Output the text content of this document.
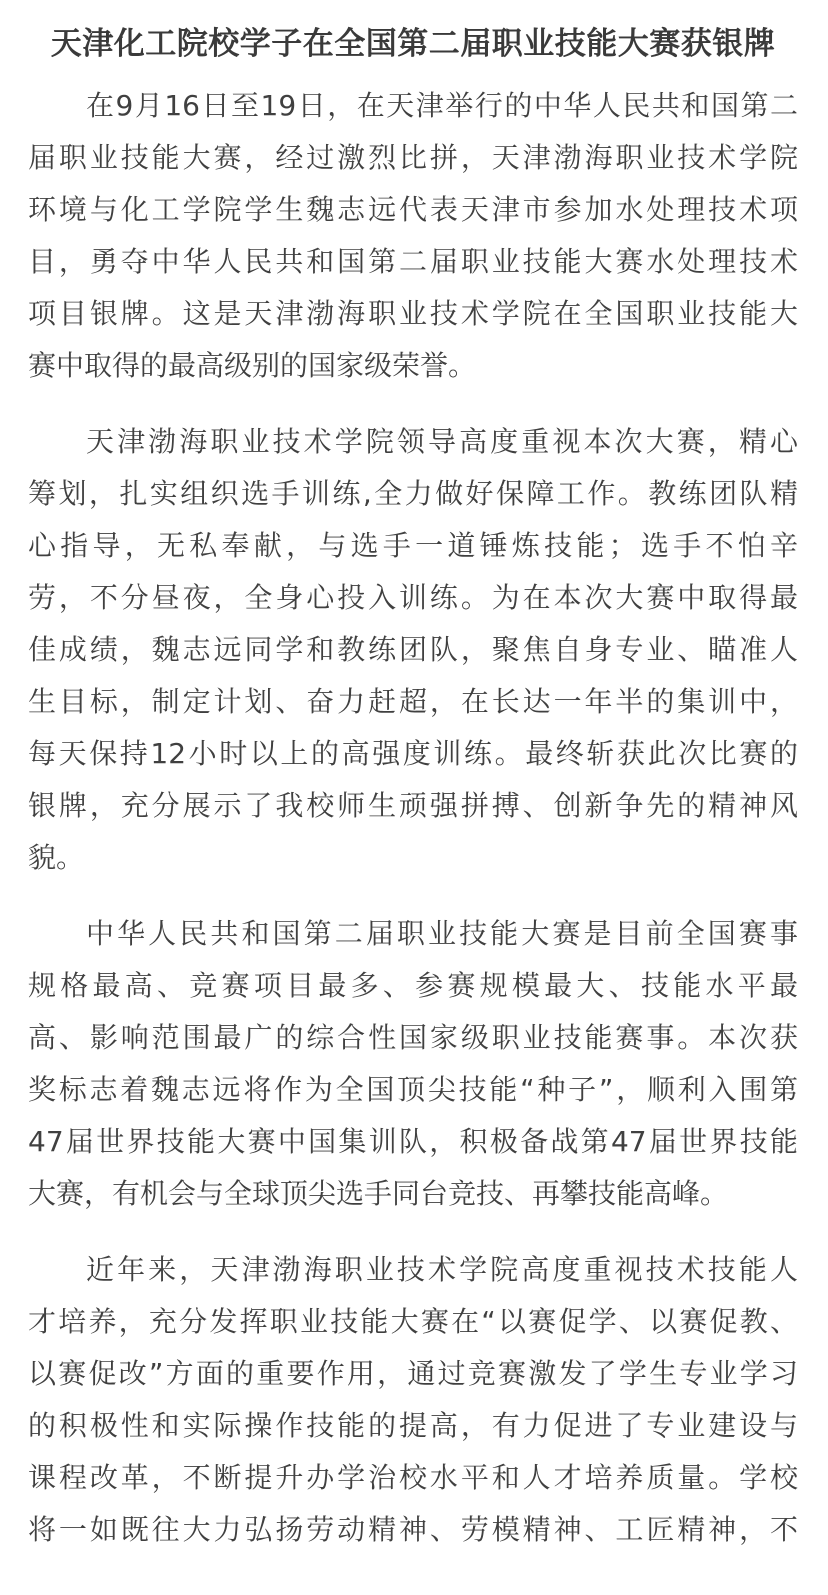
天津化工院校学子在全国第二届职业技能大赛获银牌
在9月16日至19日，在天津举行的中华人民共和国第二
届职业技能大赛，经过激烈比拼，天津渤海职业技术学院
环境与化工学院学生魏志远代表天津市参加水处理技术项
目，勇夺中华人民共和国第二届职业技能大赛水处理技术
项目银牌。这是天津渤海职业技术学院在全国职业技能大
赛中取得的最高级别的国家级荣誉。
天津渤海职业技术学院领导高度重视本次大赛，精心
筹划，扎实组织选手训练,全力做好保障工作。教练团队精
心指导，无私奉献，与选手一道锤炼技能；选手不怕辛
劳，不分昼夜，全身心投入训练。为在本次大赛中取得最
佳成绩，魏志远同学和教练团队，聚焦自身专业、瞄准人
生目标，制定计划、奋力赶超，在长达一年半的集训中，
每天保持12小时以上的高强度训练。最终斩获此次比赛的
银牌，充分展示了我校师生顽强拼搏、创新争先的精神风
貌。
中华人民共和国第二届职业技能大赛是目前全国赛事
规格最高、竞赛项目最多、参赛规模最大、技能水平最
高、影响范围最广的综合性国家级职业技能赛事。本次获
奖标志着魏志远将作为全国顶尖技能“种子”，顺利入围第
47届世界技能大赛中国集训队，积极备战第47届世界技能
大赛，有机会与全球顶尖选手同台竞技、再攀技能高峰。
近年来，天津渤海职业技术学院高度重视技术技能人
才培养，充分发挥职业技能大赛在“以赛促学、以赛促教、
以赛促改”方面的重要作用，通过竞赛激发了学生专业学习
的积极性和实际操作技能的提高，有力促进了专业建设与
课程改革，不断提升办学治校水平和人才培养质量。学校
将一如既往大力弘扬劳动精神、劳模精神、工匠精神，不
